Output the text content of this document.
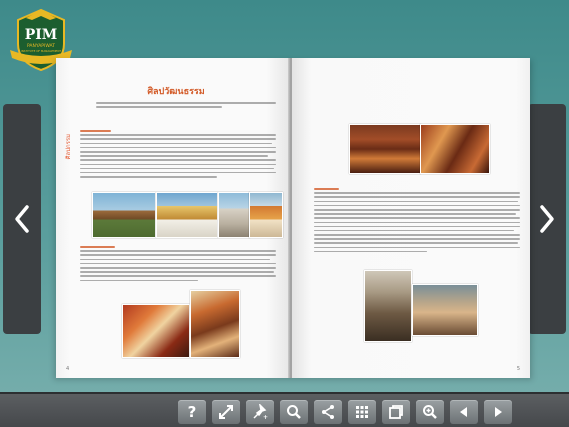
PIM
PANYAPIWAT
INSTITUTE OF MANAGEMENT
ศิลปวัฒนธรรม
ศิลปกรรม
4	5
?	+
